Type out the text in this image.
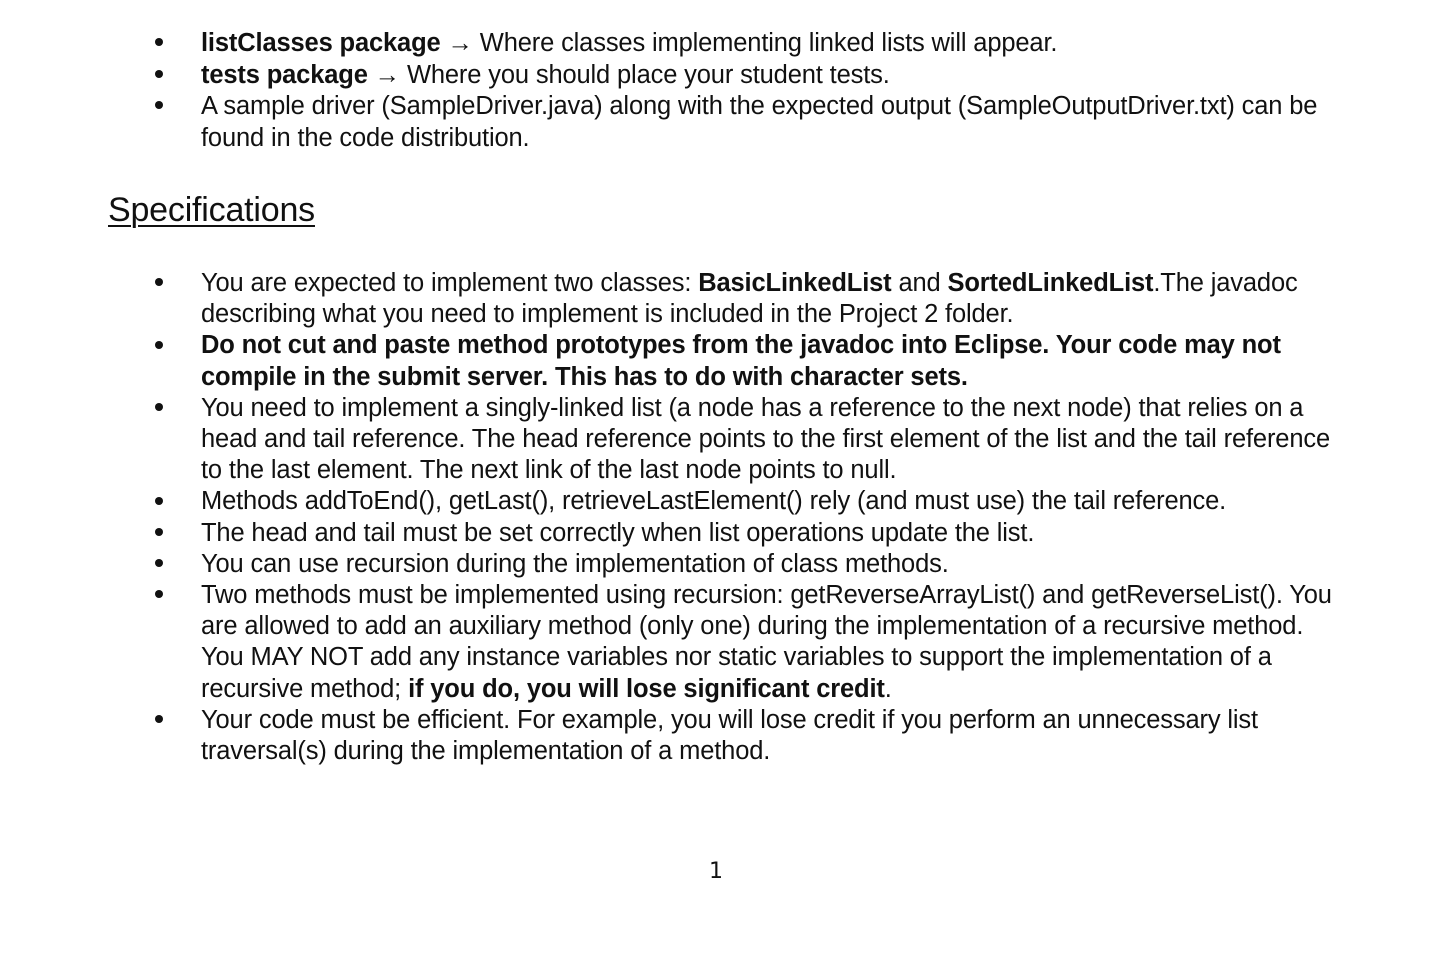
listClasses package → Where classes implementing linked lists will appear.
tests package → Where you should place your student tests.
A sample driver (SampleDriver.java) along with the expected output (SampleOutputDriver.txt) can be found in the code distribution.
Specifications
You are expected to implement two classes: BasicLinkedList and SortedLinkedList.The javadoc describing what you need to implement is included in the Project 2 folder.
Do not cut and paste method prototypes from the javadoc into Eclipse. Your code may not compile in the submit server. This has to do with character sets.
You need to implement a singly-linked list (a node has a reference to the next node) that relies on a head and tail reference. The head reference points to the first element of the list and the tail reference to the last element. The next link of the last node points to null.
Methods addToEnd(), getLast(), retrieveLastElement() rely (and must use) the tail reference.
The head and tail must be set correctly when list operations update the list.
You can use recursion during the implementation of class methods.
Two methods must be implemented using recursion: getReverseArrayList() and getReverseList(). You are allowed to add an auxiliary method (only one) during the implementation of a recursive method. You MAY NOT add any instance variables nor static variables to support the implementation of a recursive method; if you do, you will lose significant credit.
Your code must be efficient. For example, you will lose credit if you perform an unnecessary list traversal(s) during the implementation of a method.
1
